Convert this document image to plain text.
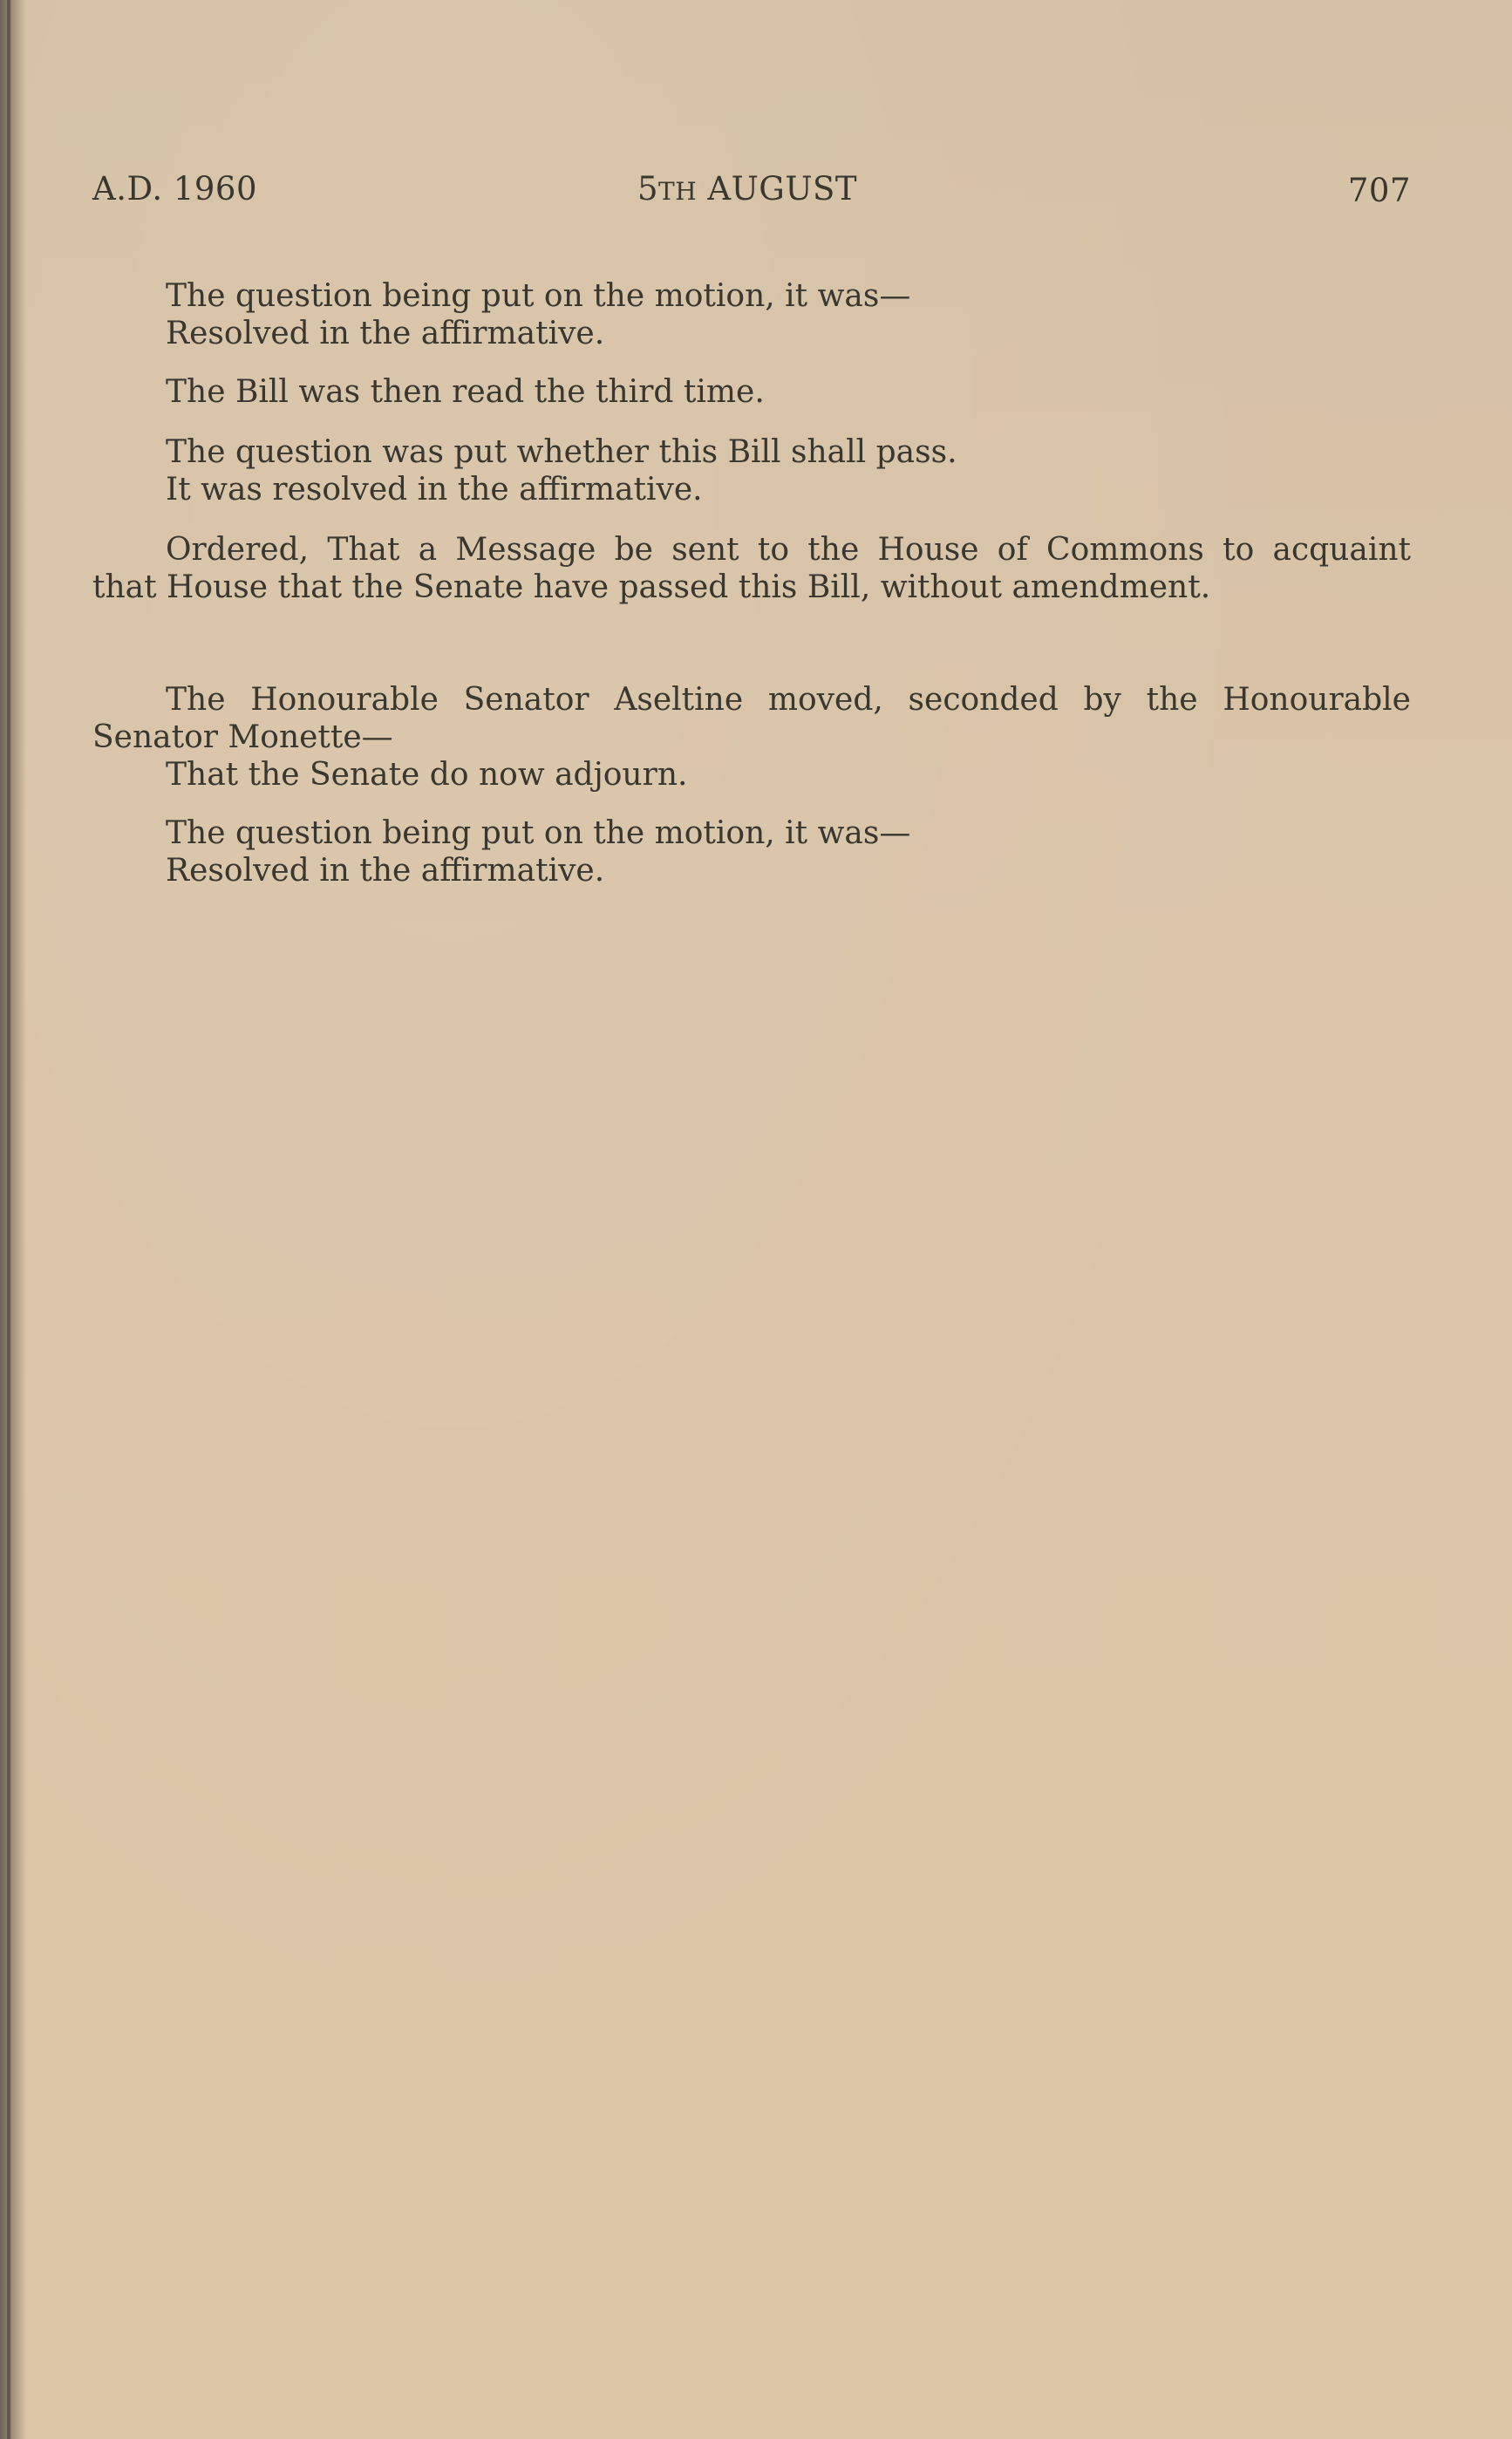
A.D. 1960	5TH AUGUST	707
The question being put on the motion, it was—
Resolved in the affirmative.
The Bill was then read the third time.
The question was put whether this Bill shall pass.
It was resolved in the affirmative.
Ordered, That a Message be sent to the House of Commons to acquaint
that House that the Senate have passed this Bill, without amendment.
The Honourable Senator Aseltine moved, seconded by the Honourable
Senator Monette—
That the Senate do now adjourn.
The question being put on the motion, it was—
Resolved in the affirmative.
